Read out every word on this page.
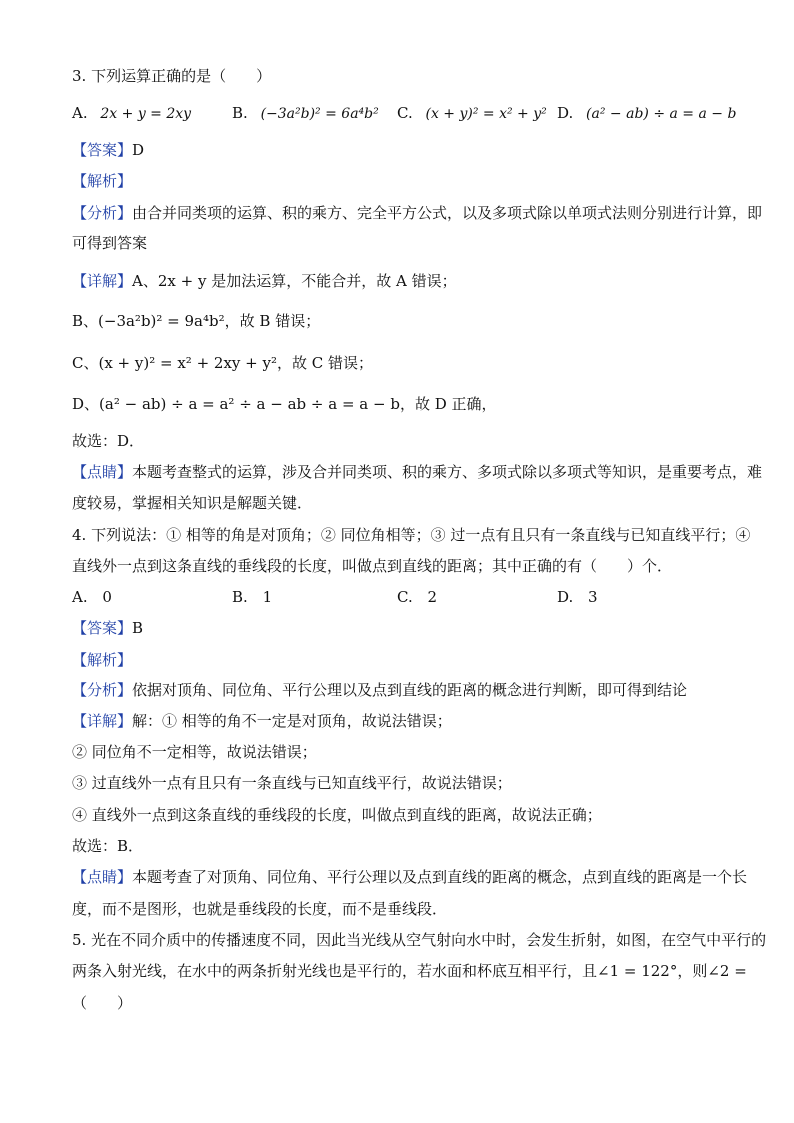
3. 下列运算正确的是（　　）
A. 2x + y = 2xy	B. (−3a²b)² = 6a⁴b² C. (x + y)² = x² + y² D. (a² − ab) ÷ a = a − b
【答案】D
【解析】
【分析】由合并同类项的运算、积的乘方、完全平方公式，以及多项式除以单项式法则分别进行计算，即
可得到答案
【详解】A、2x + y 是加法运算，不能合并，故 A 错误；
B、(−3a²b)² = 9a⁴b²，故 B 错误；
C、(x + y)² = x² + 2xy + y²，故 C 错误；
D、(a² − ab) ÷ a = a² ÷ a − ab ÷ a = a − b，故 D 正确，
故选：D．
【点睛】本题考查整式的运算，涉及合并同类项、积的乘方、多项式除以多项式等知识，是重要考点，难
度较易，掌握相关知识是解题关键．
4. 下列说法：① 相等的角是对顶角；② 同位角相等；③ 过一点有且只有一条直线与已知直线平行；④
直线外一点到这条直线的垂线段的长度，叫做点到直线的距离；其中正确的有（　　）个．
A. 0	B. 1	C. 2	D. 3
【答案】B
【解析】
【分析】依据对顶角、同位角、平行公理以及点到直线的距离的概念进行判断，即可得到结论
【详解】解：① 相等的角不一定是对顶角，故说法错误；
② 同位角不一定相等，故说法错误；
③ 过直线外一点有且只有一条直线与已知直线平行，故说法错误；
④ 直线外一点到这条直线的垂线段的长度，叫做点到直线的距离，故说法正确；
故选：B．
【点睛】本题考查了对顶角、同位角、平行公理以及点到直线的距离的概念，点到直线的距离是一个长
度，而不是图形，也就是垂线段的长度，而不是垂线段．
5. 光在不同介质中的传播速度不同，因此当光线从空气射向水中时，会发生折射，如图，在空气中平行的
两条入射光线，在水中的两条折射光线也是平行的，若水面和杯底互相平行，且∠1 = 122°，则∠2 =
（　　）
